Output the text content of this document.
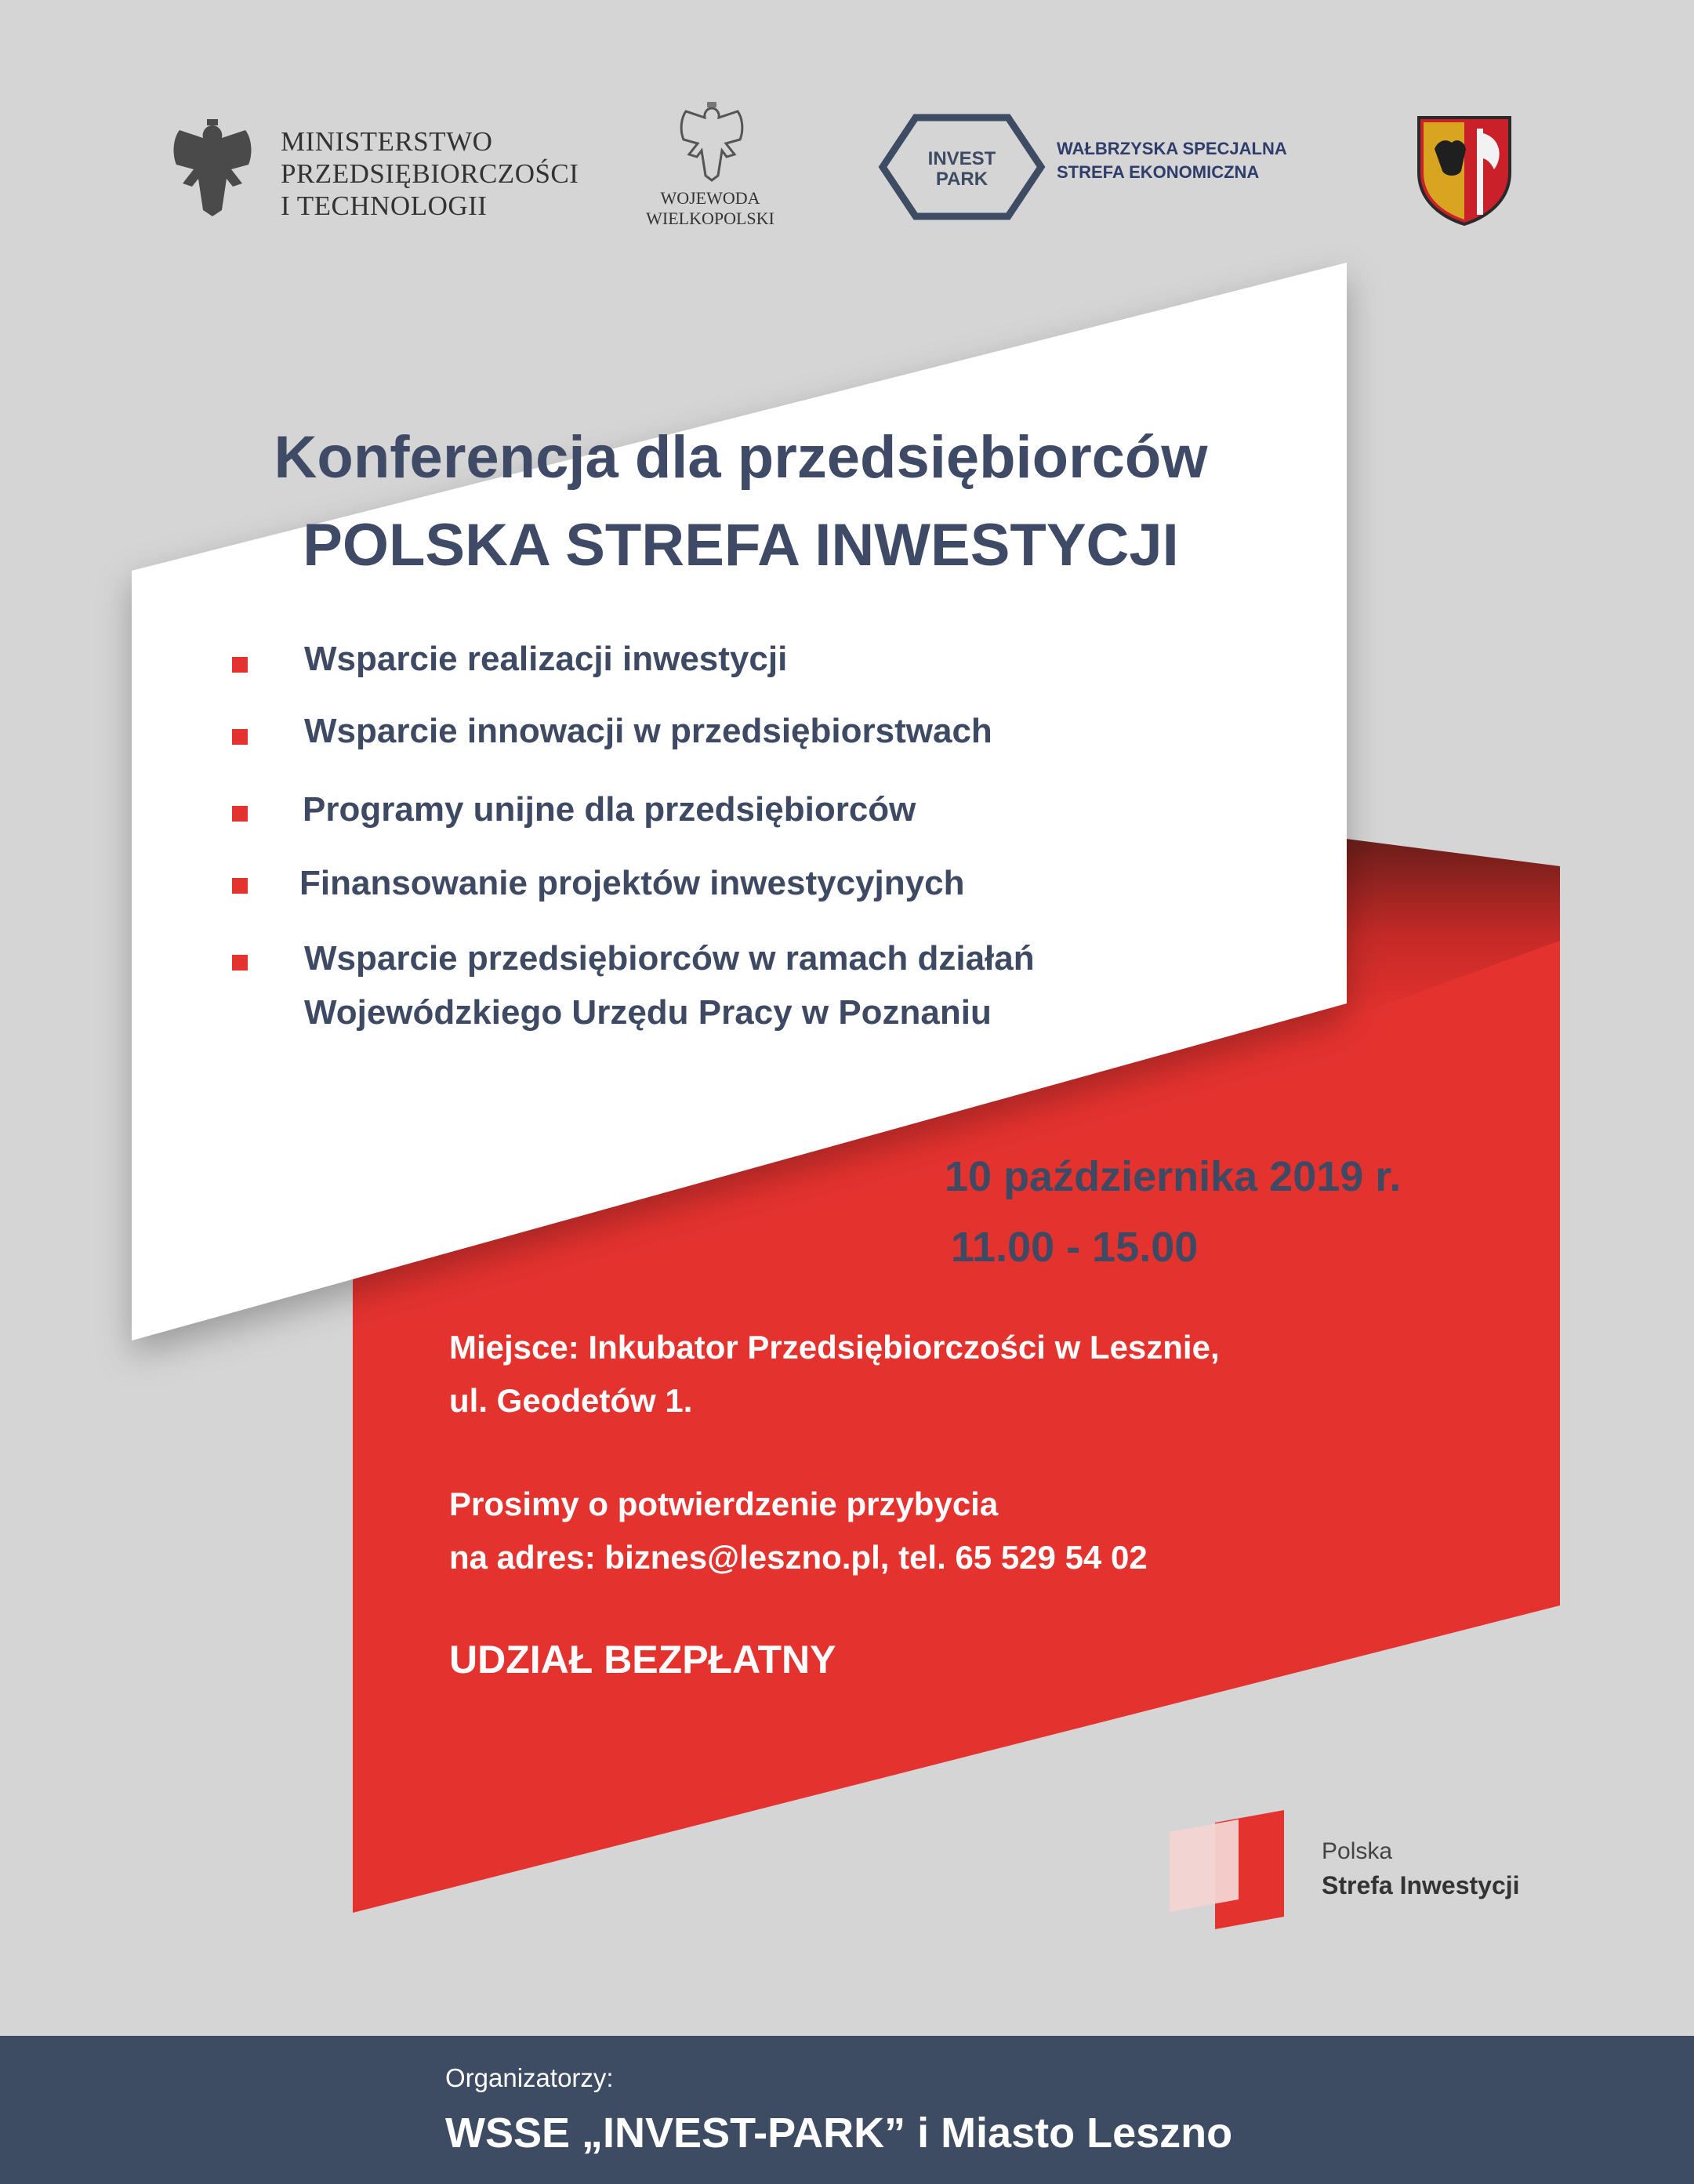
MINISTERSTWO
PRZEDSIĘBIORCZOŚCI
I TECHNOLOGII	WOJEWODA
WIELKOPOLSKI
INVEST
PARK
WAŁBRZYSKA SPECJALNA
STREFA EKONOMICZNA
Konferencja dla przedsiębiorców
POLSKA STREFA INWESTYCJI
Wsparcie realizacji inwestycji
Wsparcie innowacji w przedsiębiorstwach
Programy unijne dla przedsiębiorców
Finansowanie projektów inwestycyjnych
Wsparcie przedsiębiorców w ramach działań
Wojewódzkiego Urzędu Pracy w Poznaniu
10 października 2019 r.
11.00 - 15.00
Miejsce: Inkubator Przedsiębiorczości w Lesznie,
ul. Geodetów 1.
Prosimy o potwierdzenie przybycia
na adres: biznes@leszno.pl, tel. 65 529 54 02
UDZIAŁ BEZPŁATNY
Polska
Strefa Inwestycji
Organizatorzy:
WSSE „INVEST-PARK” i Miasto Leszno
